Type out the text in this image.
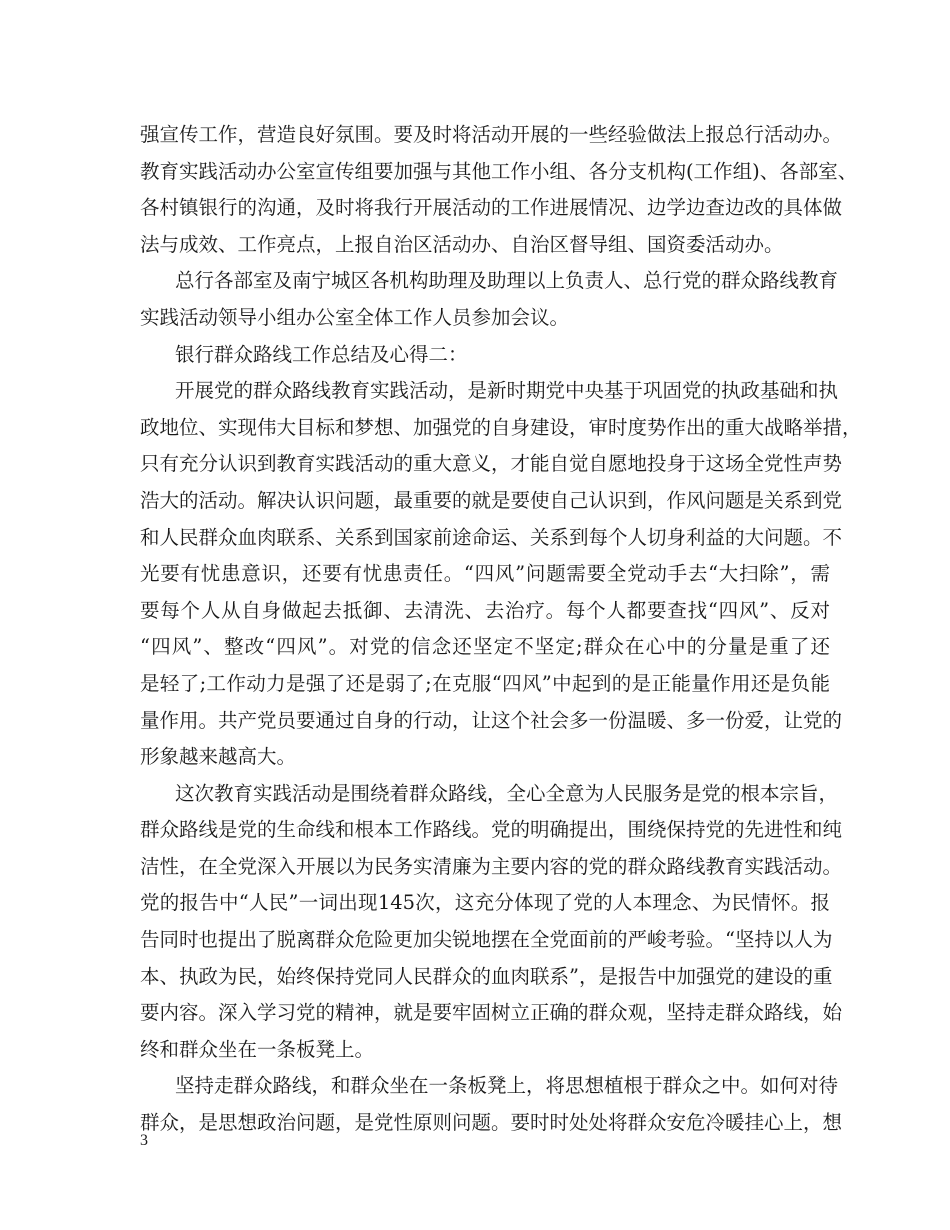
强宣传工作，营造良好氛围。要及时将活动开展的一些经验做法上报总行活动办。
教育实践活动办公室宣传组要加强与其他工作小组、各分支机构(工作组)、各部室、
各村镇银行的沟通，及时将我行开展活动的工作进展情况、边学边查边改的具体做
法与成效、工作亮点，上报自治区活动办、自治区督导组、国资委活动办。
总行各部室及南宁城区各机构助理及助理以上负责人、总行党的群众路线教育
实践活动领导小组办公室全体工作人员参加会议。
银行群众路线工作总结及心得二：
开展党的群众路线教育实践活动，是新时期党中央基于巩固党的执政基础和执
政地位、实现伟大目标和梦想、加强党的自身建设，审时度势作出的重大战略举措，
只有充分认识到教育实践活动的重大意义，才能自觉自愿地投身于这场全党性声势
浩大的活动。解决认识问题，最重要的就是要使自己认识到，作风问题是关系到党
和人民群众血肉联系、关系到国家前途命运、关系到每个人切身利益的大问题。不
光要有忧患意识，还要有忧患责任。“四风”问题需要全党动手去“大扫除”，需
要每个人从自身做起去抵御、去清洗、去治疗。每个人都要查找“四风”、反对
“四风”、整改“四风”。对党的信念还坚定不坚定;群众在心中的分量是重了还
是轻了;工作动力是强了还是弱了;在克服“四风”中起到的是正能量作用还是负能
量作用。共产党员要通过自身的行动，让这个社会多一份温暖、多一份爱，让党的
形象越来越高大。
这次教育实践活动是围绕着群众路线，全心全意为人民服务是党的根本宗旨，
群众路线是党的生命线和根本工作路线。党的明确提出，围绕保持党的先进性和纯
洁性，在全党深入开展以为民务实清廉为主要内容的党的群众路线教育实践活动。
党的报告中“人民”一词出现145次，这充分体现了党的人本理念、为民情怀。报
告同时也提出了脱离群众危险更加尖锐地摆在全党面前的严峻考验。“坚持以人为
本、执政为民，始终保持党同人民群众的血肉联系”，是报告中加强党的建设的重
要内容。深入学习党的精神，就是要牢固树立正确的群众观，坚持走群众路线，始
终和群众坐在一条板凳上。
坚持走群众路线，和群众坐在一条板凳上，将思想植根于群众之中。如何对待
群众，是思想政治问题，是党性原则问题。要时时处处将群众安危冷暖挂心上，想
3
